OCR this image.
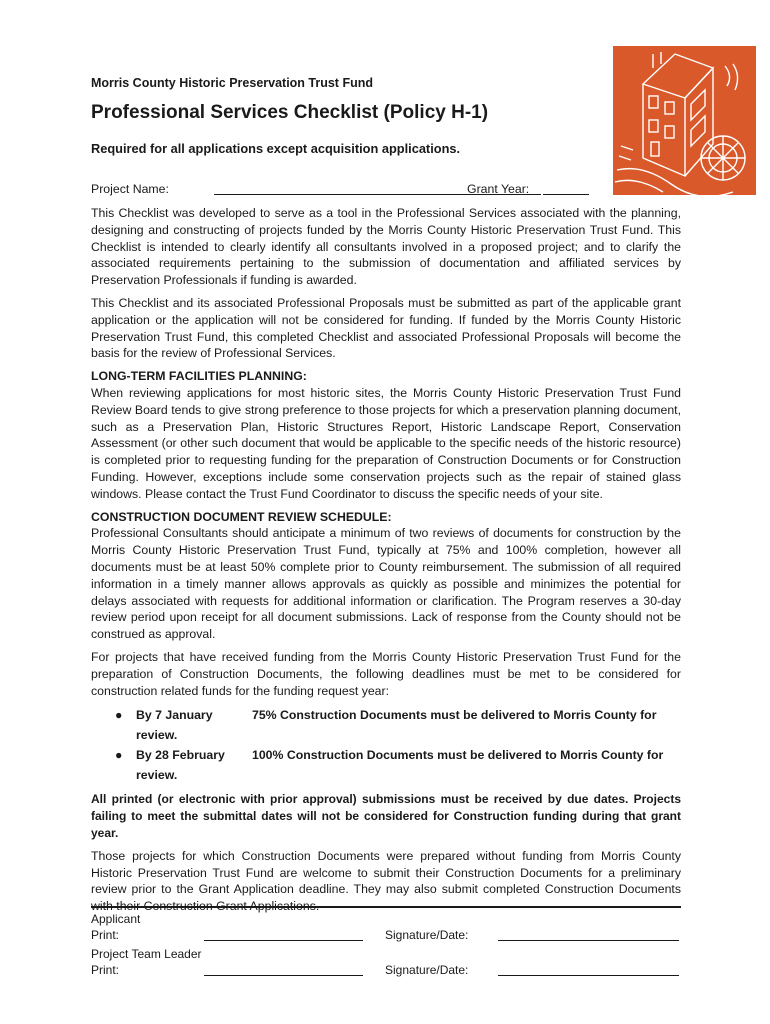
Morris County Historic Preservation Trust Fund
Professional Services Checklist (Policy H-1)
Required for all applications except acquisition applications.
Project Name:	Grant Year:

This Checklist was developed to serve as a tool in the Professional Services associated with the planning, designing and constructing of projects funded by the Morris County Historic Preservation Trust Fund. This Checklist is intended to clearly identify all consultants involved in a proposed project; and to clarify the associated requirements pertaining to the submission of documentation and affiliated services by Preservation Professionals if funding is awarded.

This Checklist and its associated Professional Proposals must be submitted as part of the applicable grant application or the application will not be considered for funding. If funded by the Morris County Historic Preservation Trust Fund, this completed Checklist and associated Professional Proposals will become the basis for the review of Professional Services.

LONG-TERM FACILITIES PLANNING:

When reviewing applications for most historic sites, the Morris County Historic Preservation Trust Fund Review Board tends to give strong preference to those projects for which a preservation planning document, such as a Preservation Plan, Historic Structures Report, Historic Landscape Report, Conservation Assessment (or other such document that would be applicable to the specific needs of the historic resource) is completed prior to requesting funding for the preparation of Construction Documents or for Construction Funding. However, exceptions include some conservation projects such as the repair of stained glass windows. Please contact the Trust Fund Coordinator to discuss the specific needs of your site.

CONSTRUCTION DOCUMENT REVIEW SCHEDULE:

Professional Consultants should anticipate a minimum of two reviews of documents for construction by the Morris County Historic Preservation Trust Fund, typically at 75% and 100% completion, however all documents must be at least 50% complete prior to County reimbursement. The submission of all required information in a timely manner allows approvals as quickly as possible and minimizes the potential for delays associated with requests for additional information or clarification. The Program reserves a 30-day review period upon receipt for all document submissions. Lack of response from the County should not be construed as approval.

For projects that have received funding from the Morris County Historic Preservation Trust Fund for the preparation of Construction Documents, the following deadlines must be met to be considered for construction related funds for the funding request year:

● By 7 January	75% Construction Documents must be delivered to Morris County for review.
● By 28 February 100% Construction Documents must be delivered to Morris County for review.

All printed (or electronic with prior approval) submissions must be received by due dates. Projects failing to meet the submittal dates will not be considered for Construction funding during that grant year.

Those projects for which Construction Documents were prepared without funding from Morris County Historic Preservation Trust Fund are welcome to submit their Construction Documents for a preliminary review prior to the Grant Application deadline. They may also submit completed Construction Documents with their Construction Grant Applications.

Applicant
Print:	Signature/Date:
Project Team Leader
Print:	Signature/Date:
